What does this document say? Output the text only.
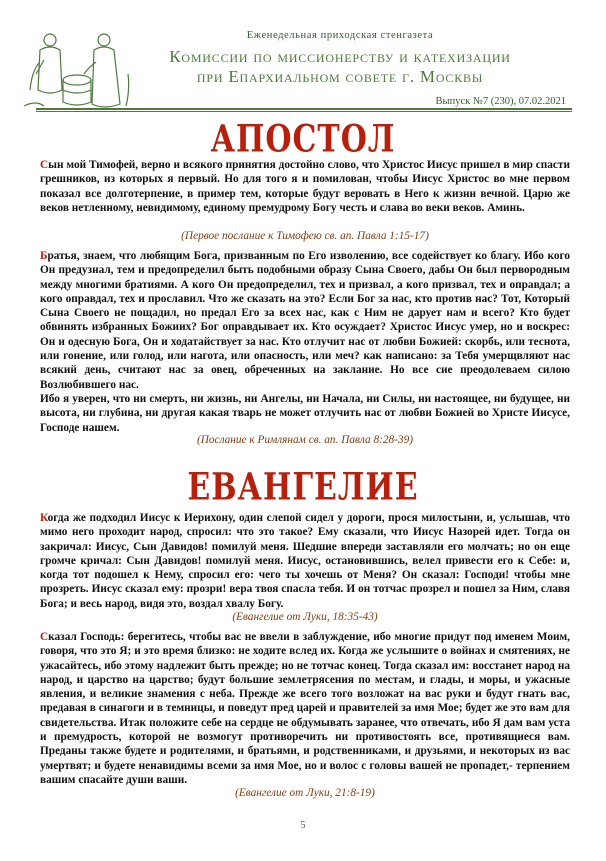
Еженедельная приходская стенгазета
Комиссии по миссионерству и катехизации
при Епархиальном совете г. Москвы
Выпуск №7 (230), 07.02.2021
АПОСТОЛ
Сын мой Тимофей, верно и всякого принятия достойно слово, что Христос Иисус пришел в мир спасти грешников, из которых я первый. Но для того я и помилован, чтобы Иисус Христос во мне первом показал все долготерпение, в пример тем, которые будут веровать в Него к жизни вечной. Царю же веков нетленному, невидимому, единому премудрому Богу честь и слава во веки веков. Аминь.
(Первое послание к Тимофею св. ап. Павла 1:15-17)
Братья, знаем, что любящим Бога, призванным по Его изволению, все содействует ко благу. Ибо кого Он предузнал, тем и предопределил быть подобными образу Сына Своего, дабы Он был первородным между многими братиями. А кого Он предопределил, тех и призвал, а кого призвал, тех и оправдал; а кого оправдал, тех и прославил. Что же сказать на это? Если Бог за нас, кто против нас? Тот, Который Сына Своего не пощадил, но предал Его за всех нас, как с Ним не дарует нам и всего? Кто будет обвинять избранных Божиих? Бог оправдывает их. Кто осуждает? Христос Иисус умер, но и воскрес: Он и одесную Бога, Он и ходатайствует за нас. Кто отлучит нас от любви Божией: скорбь, или теснота, или гонение, или голод, или нагота, или опасность, или меч? как написано: за Тебя умерщвляют нас всякий день, считают нас за овец, обреченных на заклание. Но все сие преодолеваем силою Возлюбившего нас.
Ибо я уверен, что ни смерть, ни жизнь, ни Ангелы, ни Начала, ни Силы, ни настоящее, ни будущее, ни высота, ни глубина, ни другая какая тварь не может отлучить нас от любви Божией во Христе Иисусе, Господе нашем.
(Послание к Римлянам св. ап. Павла 8:28-39)
ЕВАНГЕЛИЕ
Когда же подходил Иисус к Иерихону, один слепой сидел у дороги, прося милостыни, и, услышав, что мимо него проходит народ, спросил: что это такое? Ему сказали, что Иисус Назорей идет. Тогда он закричал: Иисус, Сын Давидов! помилуй меня. Шедшие впереди заставляли его молчать; но он еще громче кричал: Сын Давидов! помилуй меня. Иисус, остановившись, велел привести его к Себе: и, когда тот подошел к Нему, спросил его: чего ты хочешь от Меня? Он сказал: Господи! чтобы мне прозреть. Иисус сказал ему: прозри! вера твоя спасла тебя. И он тотчас прозрел и пошел за Ним, славя Бога; и весь народ, видя это, воздал хвалу Богу.
(Евангелие от Луки, 18:35-43)
Сказал Господь: берегитесь, чтобы вас не ввели в заблуждение, ибо многие придут под именем Моим, говоря, что это Я; и это время близко: не ходите вслед их. Когда же услышите о войнах и смятениях, не ужасайтесь, ибо этому надлежит быть прежде; но не тотчас конец. Тогда сказал им: восстанет народ на народ, и царство на царство; будут большие землетрясения по местам, и глады, и моры, и ужасные явления, и великие знамения с неба. Прежде же всего того возложат на вас руки и будут гнать вас, предавая в синагоги и в темницы, и поведут пред царей и правителей за имя Мое; будет же это вам для свидетельства. Итак положите себе на сердце не обдумывать заранее, что отвечать, ибо Я дам вам уста и премудрость, которой не возмогут противоречить ни противостоять все, противящиеся вам. Преданы также будете и родителями, и братьями, и родственниками, и друзьями, и некоторых из вас умертвят; и будете ненавидимы всеми за имя Мое, но и волос с головы вашей не пропадет,- терпением вашим спасайте души ваши.
(Евангелие от Луки, 21:8-19)
5
